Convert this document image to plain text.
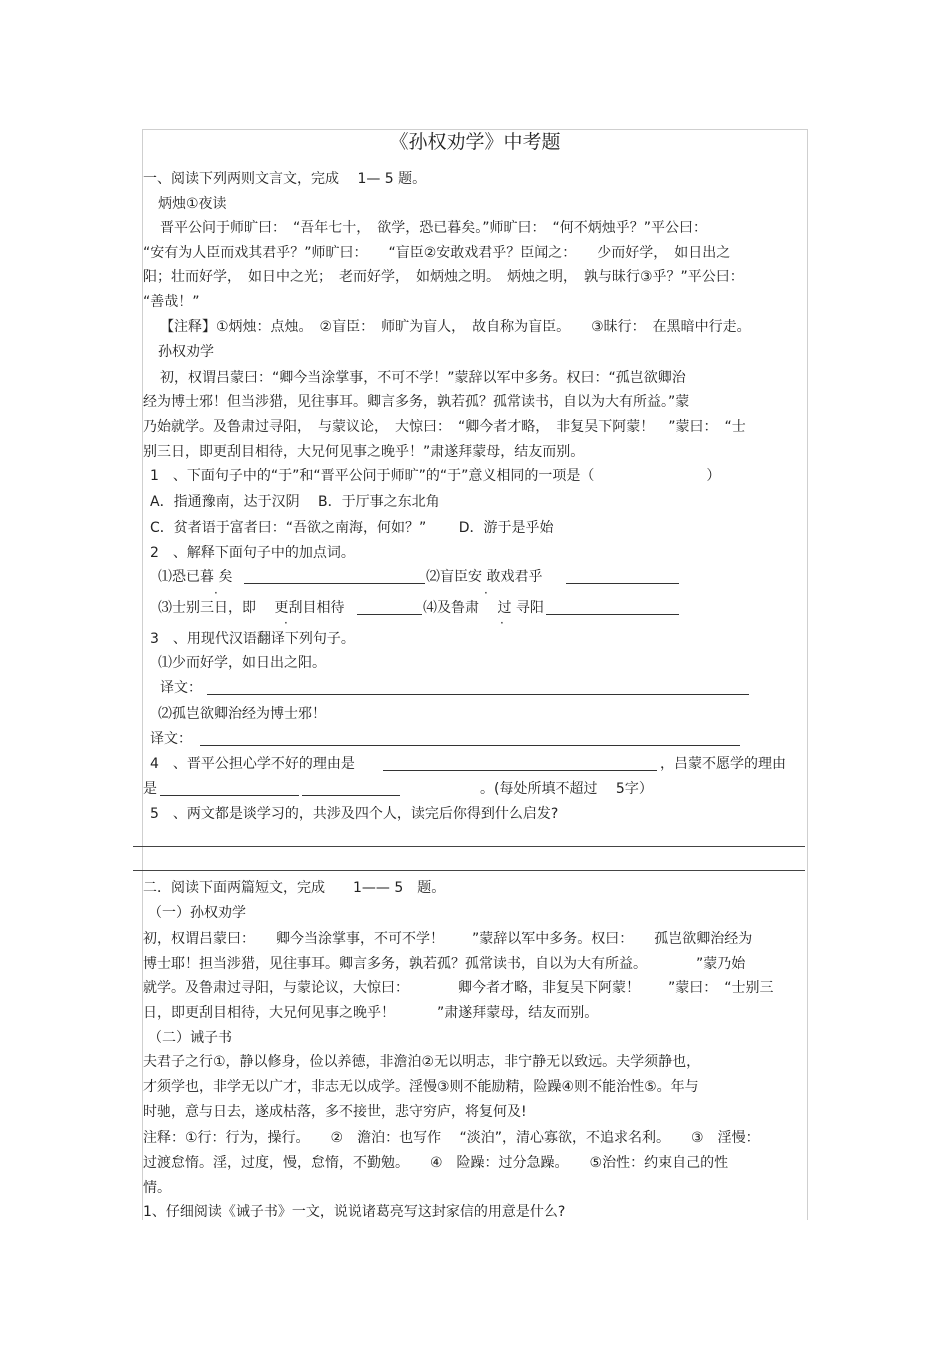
《孙权劝学》中考题
一、阅读下列两则文言文，完成　 1— 5 题。
炳烛①夜读
晋平公问于师旷曰：　“吾年七十，　欲学，恐已暮矣。”师旷曰：　“何不炳烛乎？”平公曰：
“安有为人臣而戏其君乎？”师旷曰：　　“盲臣②安敢戏君乎？臣闻之：　　少而好学，　如日出之
阳；壮而好学，　如日中之光；　老而好学，　如炳烛之明。　炳烛之明，　孰与昧行③乎？”平公曰：
“善哉！”
【注释】①炳烛：点烛。　②盲臣：　师旷为盲人，　故自称为盲臣。　　③昧行：　在黑暗中行走。
孙权劝学
初，权谓吕蒙曰：“卿今当涂掌事，不可不学！”蒙辞以军中多务。权曰：“孤岂欲卿治
经为博士邪！但当涉猎，见往事耳。卿言多务，孰若孤？孤常读书，自以为大有所益。”蒙
乃始就学。及鲁肃过寻阳，　与蒙议论，　大惊曰：　“卿今者才略，　非复吴下阿蒙！　”蒙曰：　“士
别三日，即更刮目相待，大兄何见事之晚乎！”肃遂拜蒙母，结友而别。
1　、下面句子中的“于”和“晋平公问于师旷”的“于”意义相同的一项是（　　　　　　　　）
A．指通豫南，达于汉阴　 B．于厅事之东北角
C．贫者语于富者曰：“吾欲之南海，何如？”　　 D．游于是乎始
2　、解释下面句子中的加点词。
⑴恐已暮 矣	⑵盲臣安 敢戏君乎
⑶士别三日，即　 更刮目相待	⑷及鲁肃　 过 寻阳
·	·
·	·
3　、用现代汉语翻译下列句子。
⑴少而好学，如日出之阳。
译文：
⑵孤岂欲卿治经为博士邪！
译文：
4　、晋平公担心学不好的理由是	，吕蒙不愿学的理由
是	。(每处所填不超过　 5字）
5　、两文都是谈学习的，共涉及四个人，读完后你得到什么启发?
二．阅读下面两篇短文，完成　　1—— 5　题。
（一）孙权劝学
初，权谓吕蒙曰：　　卿今当涂掌事，不可不学！　　”蒙辞以军中多务。权曰：　　孤岂欲卿治经为
博士耶！担当涉猎，见往事耳。卿言多务，孰若孤？孤常读书，自以为大有所益。　　　　”蒙乃始
就学。及鲁肃过寻阳，与蒙论议，大惊曰：　　　　卿今者才略，非复吴下阿蒙！　　”蒙曰：　“士别三
日，即更刮目相待，大兄何见事之晚乎！　　　”肃遂拜蒙母，结友而别。
（二）诫子书
夫君子之行①，静以修身，俭以养德，非澹泊②无以明志，非宁静无以致远。夫学须静也，
才须学也，非学无以广才，非志无以成学。淫慢③则不能励精，险躁④则不能治性⑤。年与
时驰，意与日去，遂成枯落，多不接世，悲守穷庐，将复何及!
注释：①行：行为，操行。　　②　澹泊：也写作　 “淡泊”，清心寡欲，不追求名利。　　③　淫慢：
过渡怠惰。淫，过度，慢，怠惰，不勤勉。　　④　险躁：过分急躁。　　⑤治性：约束自己的性
情。
1、仔细阅读《诫子书》一文，说说诸葛亮写这封家信的用意是什么?
